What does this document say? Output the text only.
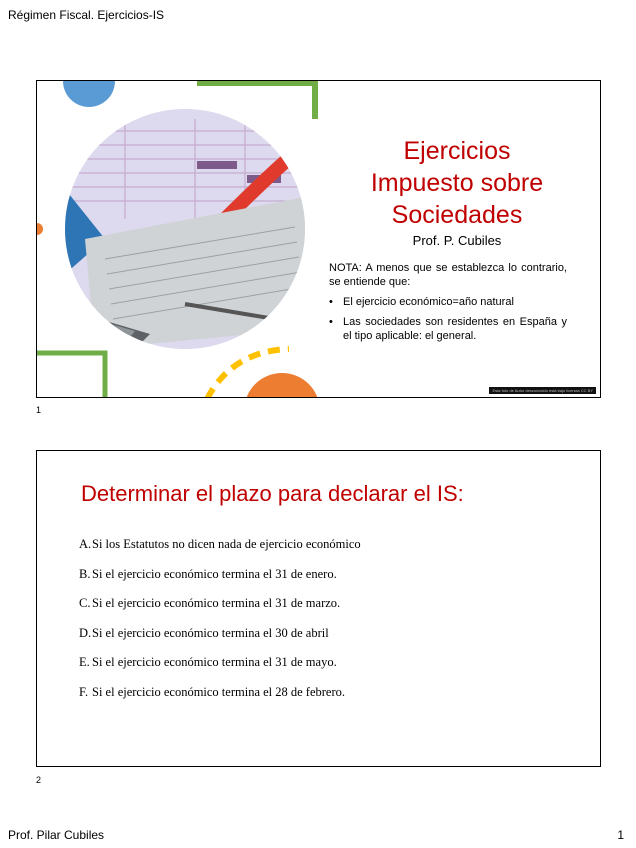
Régimen Fiscal. Ejercicios-IS
Ejercicios
Impuesto sobre
Sociedades
Prof. P. Cubiles
NOTA: A menos que se establezca lo contrario, se entiende que:
• El ejercicio económico=año natural
• Las sociedades son residentes en España y el tipo aplicable: el general.
Esta foto de Autor desconocido está bajo licencia CC BY
1
Determinar el plazo para declarar el IS:
A. Si los Estatutos no dicen nada de ejercicio económico
B. Si el ejercicio económico termina el 31 de enero.
C. Si el ejercicio económico termina el 31 de marzo.
D. Si el ejercicio económico termina el 30 de abril
E. Si el ejercicio económico termina el 31 de mayo.
F. Si el ejercicio económico termina el 28 de febrero.
2
Prof. Pilar Cubiles	1
